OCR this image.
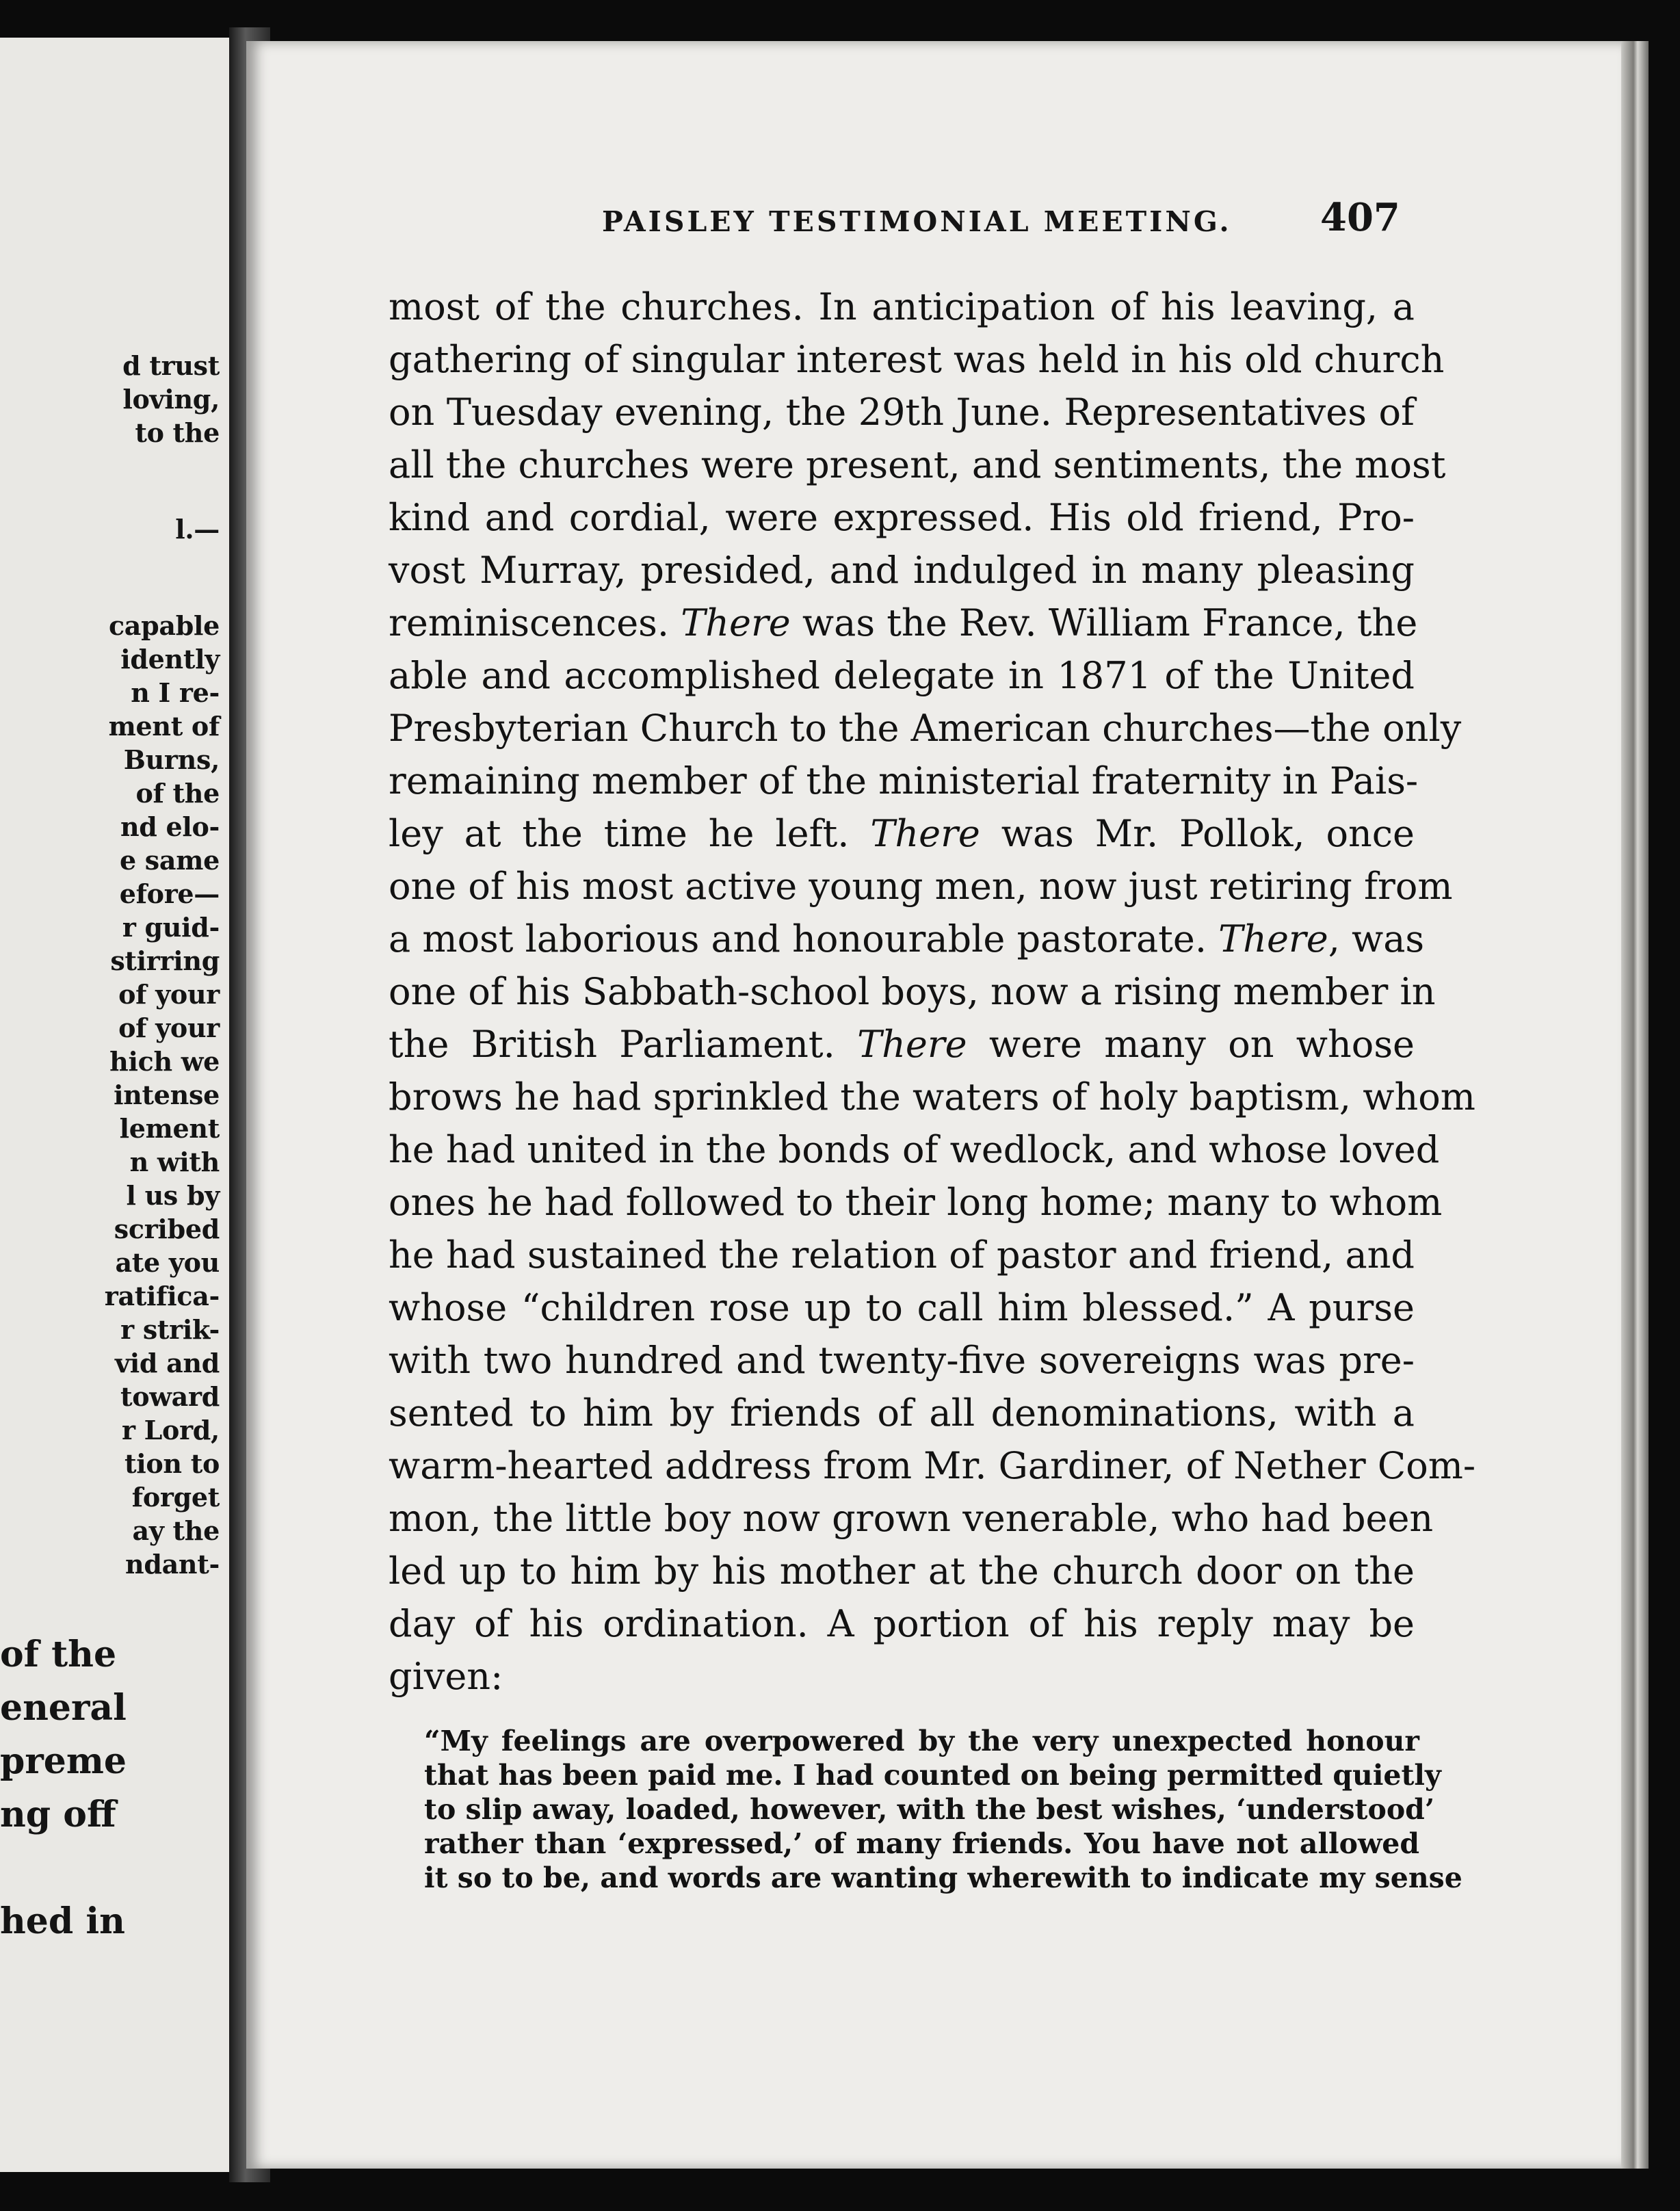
d trust
loving,
to the

l.—

capable
idently
n I re-
ment of
Burns,
of the
nd elo-
e same
efore—
r guid-
stirring
of your
of your
hich we
intense
lement
n with
l us by
scribed
ate you
ratifica-
r strik-
vid and
toward
r Lord,
tion to
forget
ay the
ndant-
of the
eneral
preme
ng off

hed in
PAISLEY TESTIMONIAL MEETING. 407
most of the churches. In anticipation of his leaving, a
gathering of singular interest was held in his old church
on Tuesday evening, the 29th June. Representatives of
all the churches were present, and sentiments, the most
kind and cordial, were expressed. His old friend, Pro-
vost Murray, presided, and indulged in many pleasing
reminiscences. There was the Rev. William France, the
able and accomplished delegate in 1871 of the United
Presbyterian Church to the American churches—the only
remaining member of the ministerial fraternity in Pais-
ley at the time he left. There was Mr. Pollok, once
one of his most active young men, now just retiring from
a most laborious and honourable pastorate. There, was
one of his Sabbath-school boys, now a rising member in
the British Parliament. There were many on whose
brows he had sprinkled the waters of holy baptism, whom
he had united in the bonds of wedlock, and whose loved
ones he had followed to their long home; many to whom
he had sustained the relation of pastor and friend, and
whose “children rose up to call him blessed.” A purse
with two hundred and twenty-five sovereigns was pre-
sented to him by friends of all denominations, with a
warm-hearted address from Mr. Gardiner, of Nether Com-
mon, the little boy now grown venerable, who had been
led up to him by his mother at the church door on the
day of his ordination. A portion of his reply may be
given:
“My feelings are overpowered by the very unexpected honour
that has been paid me. I had counted on being permitted quietly
to slip away, loaded, however, with the best wishes, ‘understood’
rather than ‘expressed,’ of many friends. You have not allowed
it so to be, and words are wanting wherewith to indicate my sense
